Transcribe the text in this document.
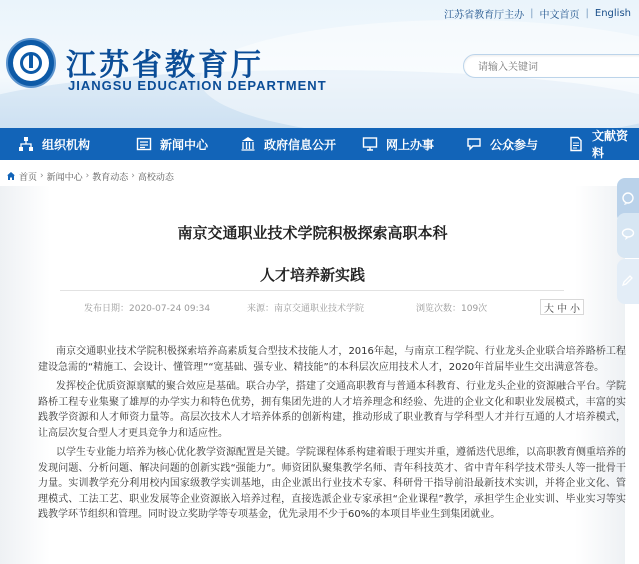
江苏省教育厅主办 | 中文首页 | English
江苏省教育厅
JIANGSU EDUCATION DEPARTMENT
请输入关键词
组织机构	新闻中心	政府信息公开	网上办事	公众参与
文献资料
首页 › 新闻中心 › 教育动态 › 高校动态
南京交通职业技术学院积极探索高职本科
人才培养新实践
发布日期：2020-07-24 09:34	来源：南京交通职业技术学院	浏览次数：109次	大 中 小

南京交通职业技术学院积极探索培养高素质复合型技术技能人才，2016年起，与南京工程学院、行业龙头企业联合培养路桥工程建设急需的“精施工、会设计、懂管理”“宽基础、强专业、精技能”的本科层次应用技术人才，2020年首届毕业生交出满意答卷。

发挥校企优质资源禀赋的聚合效应是基础。联合办学，搭建了交通高职教育与普通本科教育、行业龙头企业的资源融合平台。学院路桥工程专业集聚了雄厚的办学实力和特色优势，拥有集团先进的人才培养理念和经验、先进的企业文化和职业发展模式，丰富的实践教学资源和人才师资力量等。高层次技术人才培养体系的创新构建，推动形成了职业教育与学科型人才并行互通的人才培养模式，让高层次复合型人才更具竞争力和适应性。

以学生专业能力培养为核心优化教学资源配置是关键。学院课程体系构建着眼于理实并重，遵循迭代思维，以高职教育侧重培养的发现问题、分析问题、解决问题的创新实践“强能力”。师资团队聚集教学名师、青年科技英才、省中青年科学技术带头人等一批骨干力量。实训教学充分利用校内国家级教学实训基地，由企业派出行业技术专家、科研骨干指导前沿最新技术实训，并将企业文化、管理模式、工法工艺、职业发展等企业资源嵌入培养过程，直接选派企业专家承担“企业课程”教学，承担学生企业实训、毕业实习等实践教学环节组织和管理。同时设立奖助学等专项基金，优先录用不少于60%的本项目毕业生到集团就业。
